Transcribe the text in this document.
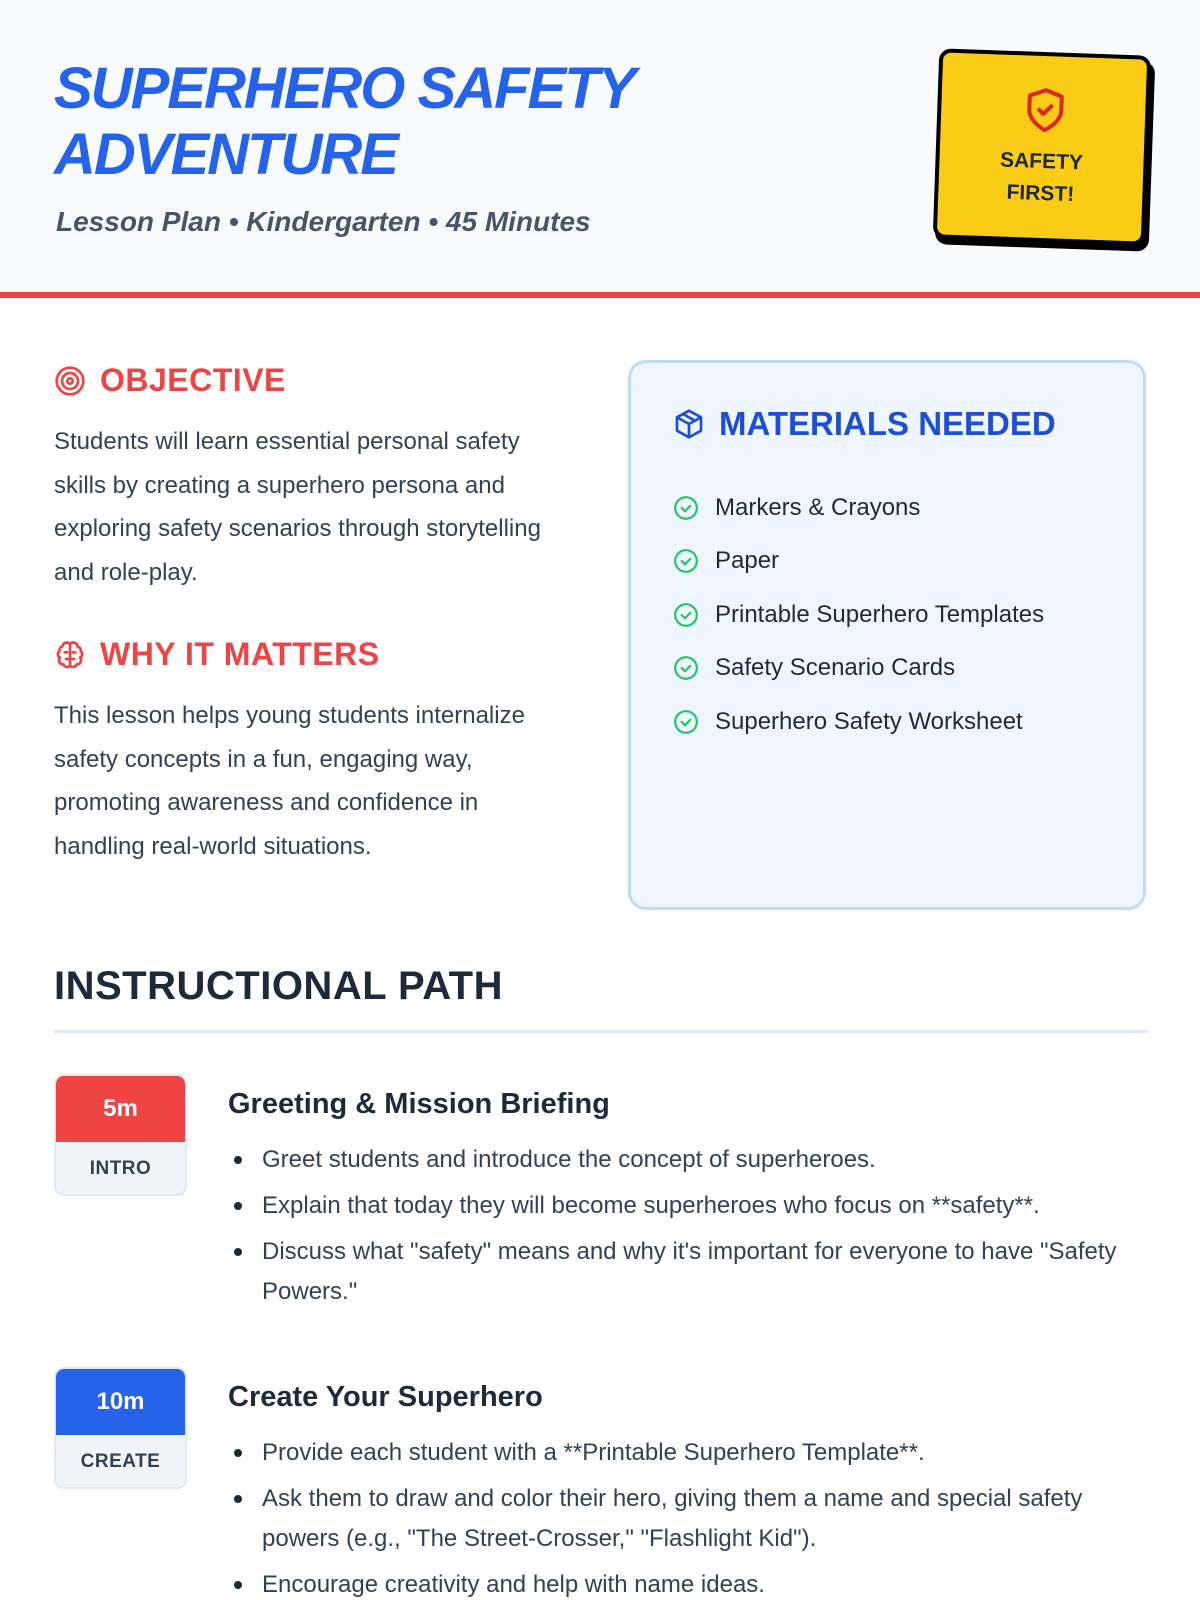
SUPERHERO SAFETY ADVENTURE
Lesson Plan • Kindergarten • 45 Minutes
SAFETY
FIRST!
OBJECTIVE

Students will learn essential personal safety skills by creating a superhero persona and exploring safety scenarios through storytelling and role-play.

WHY IT MATTERS

This lesson helps young students internalize safety concepts in a fun, engaging way, promoting awareness and confidence in handling real-world situations.

MATERIALS NEEDED
Markers & Crayons
Paper
Printable Superhero Templates
Safety Scenario Cards
Superhero Safety Worksheet
INSTRUCTIONAL PATH
5m
INTRO
Greeting & Mission Briefing
Greet students and introduce the concept of superheroes.
Explain that today they will become superheroes who focus on **safety**.
Discuss what "safety" means and why it's important for everyone to have "Safety Powers."
10m
CREATE
Create Your Superhero
Provide each student with a **Printable Superhero Template**.
Ask them to draw and color their hero, giving them a name and special safety powers (e.g., "The Street-Crosser," "Flashlight Kid").
Encourage creativity and help with name ideas.
